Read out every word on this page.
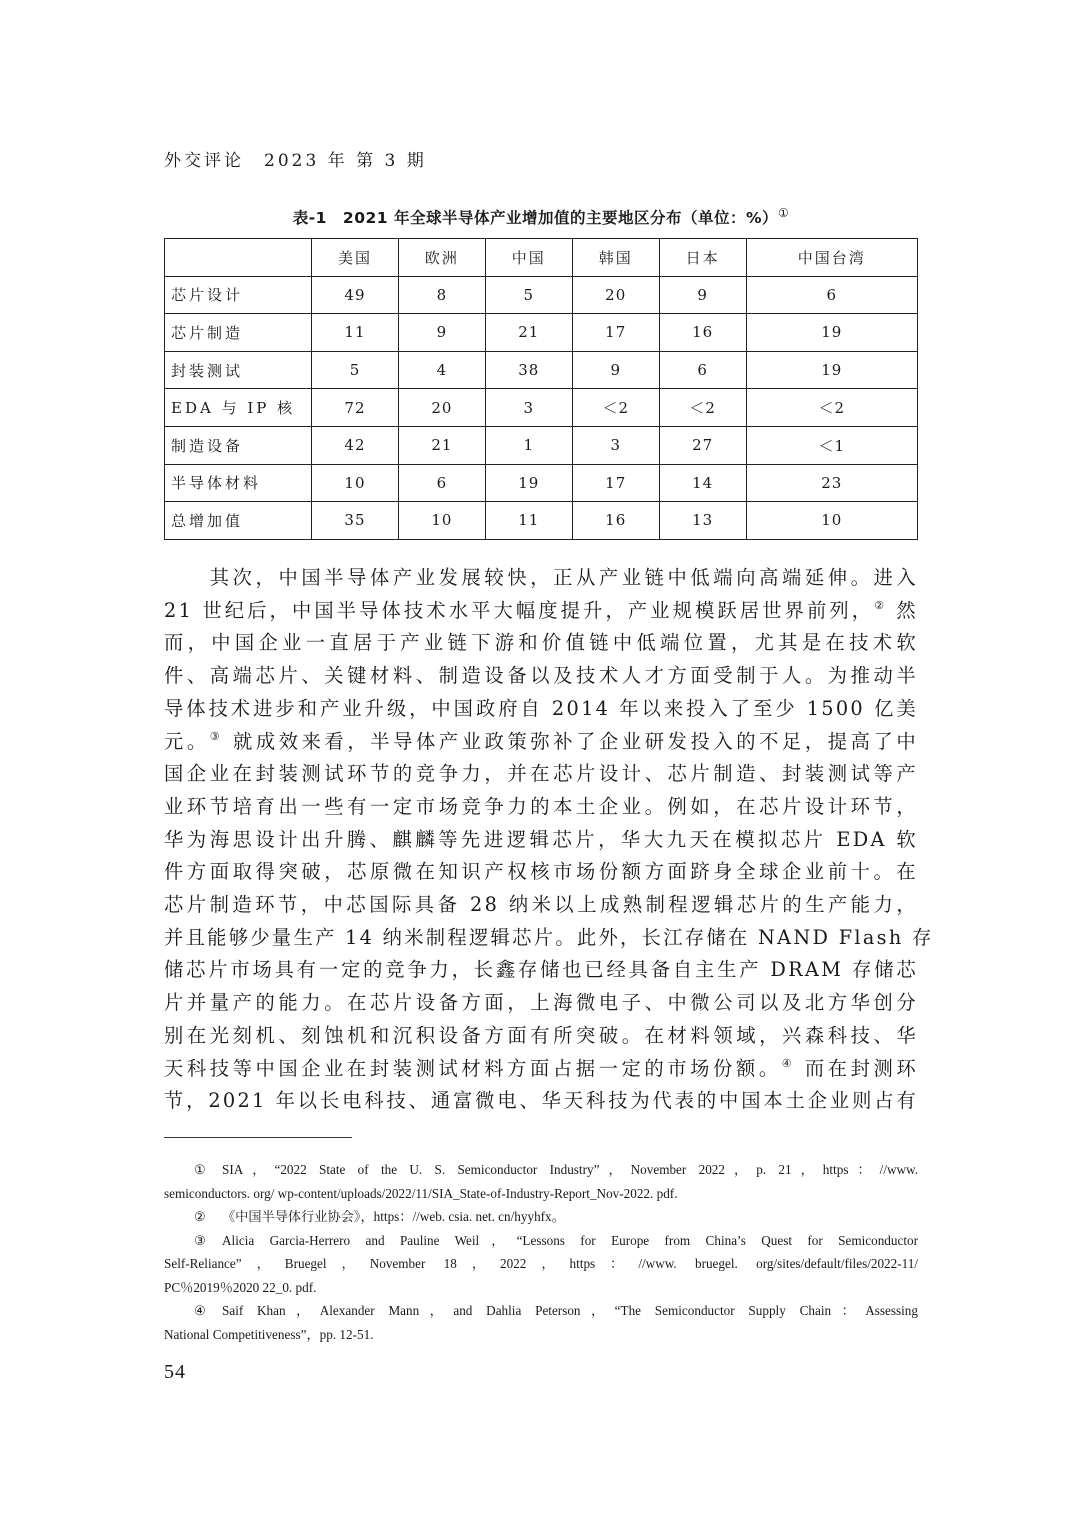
外交评论　2023 年 第 3 期
表-1　2021 年全球半导体产业增加值的主要地区分布（单位：%）①
	美国	欧洲	中国	韩国	日本	中国台湾
芯片设计	49	8	5	20	9	6
芯片制造	11	9	21	17	16	19
封装测试	5	4	38	9	6	19
EDA 与 IP 核	72	20	3	＜2	＜2	＜2
制造设备	42	21	1	3	27	＜1
半导体材料	10	6	19	17	14	23
总增加值	35	10	11	16	13	10

　　其次，中国半导体产业发展较快，正从产业链中低端向高端延伸。进入
21 世纪后，中国半导体技术水平大幅度提升，产业规模跃居世界前列，② 然
而，中国企业一直居于产业链下游和价值链中低端位置，尤其是在技术软
件、高端芯片、关键材料、制造设备以及技术人才方面受制于人。为推动半
导体技术进步和产业升级，中国政府自 2014 年以来投入了至少 1500 亿美
元。③ 就成效来看，半导体产业政策弥补了企业研发投入的不足，提高了中
国企业在封装测试环节的竞争力，并在芯片设计、芯片制造、封装测试等产
业环节培育出一些有一定市场竞争力的本土企业。例如，在芯片设计环节，
华为海思设计出升腾、麒麟等先进逻辑芯片，华大九天在模拟芯片 EDA 软
件方面取得突破，芯原微在知识产权核市场份额方面跻身全球企业前十。在
芯片制造环节，中芯国际具备 28 纳米以上成熟制程逻辑芯片的生产能力，
并且能够少量生产 14 纳米制程逻辑芯片。此外，长江存储在 NAND Flash 存
储芯片市场具有一定的竞争力，长鑫存储也已经具备自主生产 DRAM 存储芯
片并量产的能力。在芯片设备方面，上海微电子、中微公司以及北方华创分
别在光刻机、刻蚀机和沉积设备方面有所突破。在材料领域，兴森科技、华
天科技等中国企业在封装测试材料方面占据一定的市场份额。④ 而在封测环
节，2021 年以长电科技、通富微电、华天科技为代表的中国本土企业则占有

① SIA，“2022 State of the U. S. Semiconductor Industry”，November 2022，p. 21，https：//www.
semiconductors. org/ wp-content/uploads/2022/11/SIA_State-of-Industry-Report_Nov-2022. pdf.
② 《中国半导体行业协会》，https：//web. csia. net. cn/hyyhfx。
③ Alicia Garcia-Herrero and Pauline Weil，“Lessons for Europe from China’s Quest for Semiconductor
Self-Reliance”，Bruegel，November 18，2022，https：//www. bruegel. org/sites/default/files/2022-11/
PC％2019％2020 22_0. pdf.
④ Saif Khan，Alexander Mann，and Dahlia Peterson，“The Semiconductor Supply Chain：Assessing
National Competitiveness”，pp. 12-51.
54
